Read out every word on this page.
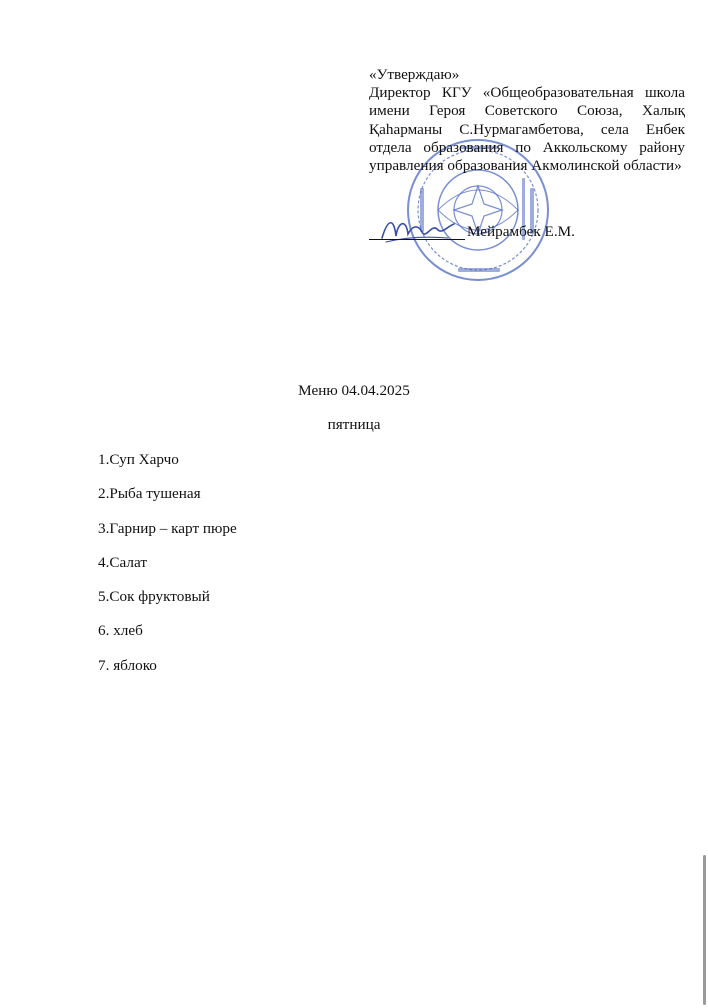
«Утверждаю»
Директор КГУ «Общеобразовательная школа имени Героя Советского Союза, Халық Қаһарманы С.Нурмагамбетова, села Енбек отдела образования по Аккольскому району управления образования Акмолинской области»
Мейрамбек Е.М.
Меню 04.04.2025
пятница
1.Суп Харчо
2.Рыба тушеная
3.Гарнир – карт пюре
4.Салат
5.Сок фруктовый
6. хлеб
7. яблоко
